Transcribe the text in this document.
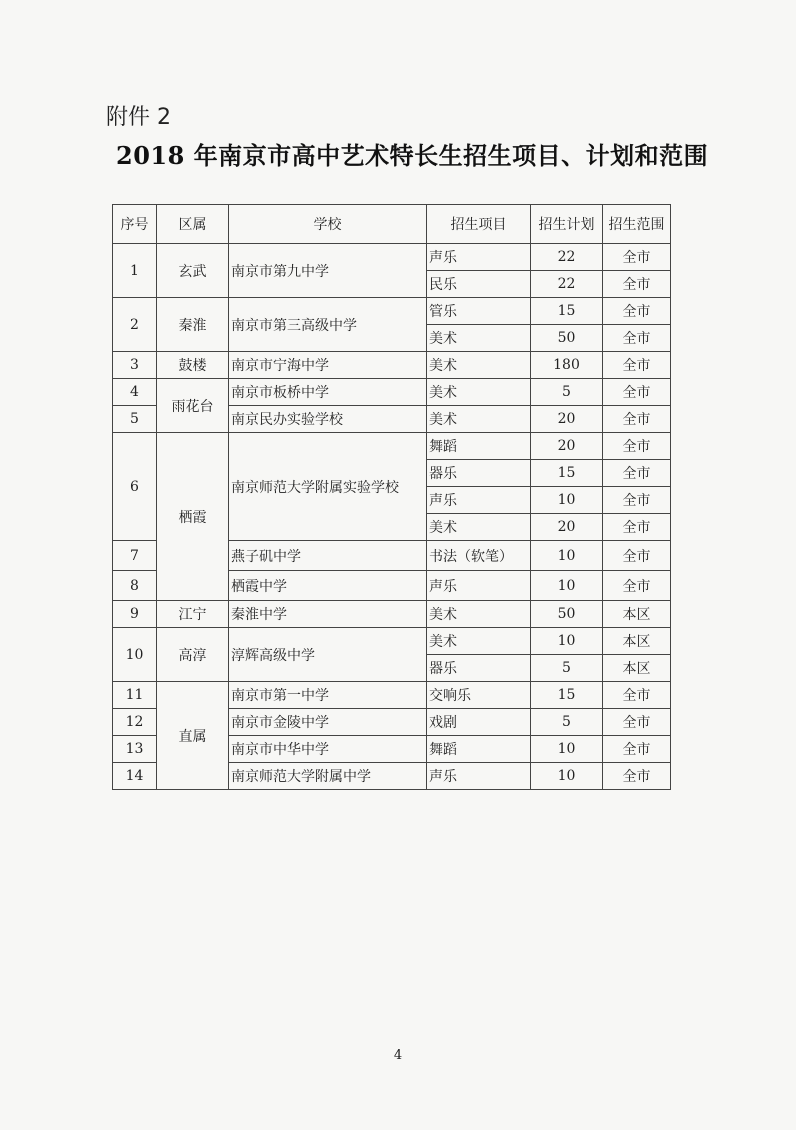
附件 2
2018 年南京市高中艺术特长生招生项目、计划和范围
序号	区属	学校	招生项目	招生计划	招生范围
1	玄武	南京市第九中学	声乐	22	全市
			民乐	22	全市
2	秦淮	南京市第三高级中学	管乐	15	全市
			美术	50	全市
3	鼓楼	南京市宁海中学	美术	180	全市
4	雨花台	南京市板桥中学	美术	5	全市
5		南京民办实验学校	美术	20	全市
6	栖霞	南京师范大学附属实验学校	舞蹈	20	全市
			器乐	15	全市
			声乐	10	全市
			美术	20	全市
7		燕子矶中学	书法（软笔）	10	全市
8		栖霞中学	声乐	10	全市
9	江宁	秦淮中学	美术	50	本区
10	高淳	淳辉高级中学	美术	10	本区
			器乐	5	本区
11	直属	南京市第一中学	交响乐	15	全市
12		南京市金陵中学	戏剧	5	全市
13		南京市中华中学	舞蹈	10	全市
14		南京师范大学附属中学	声乐	10	全市
4
